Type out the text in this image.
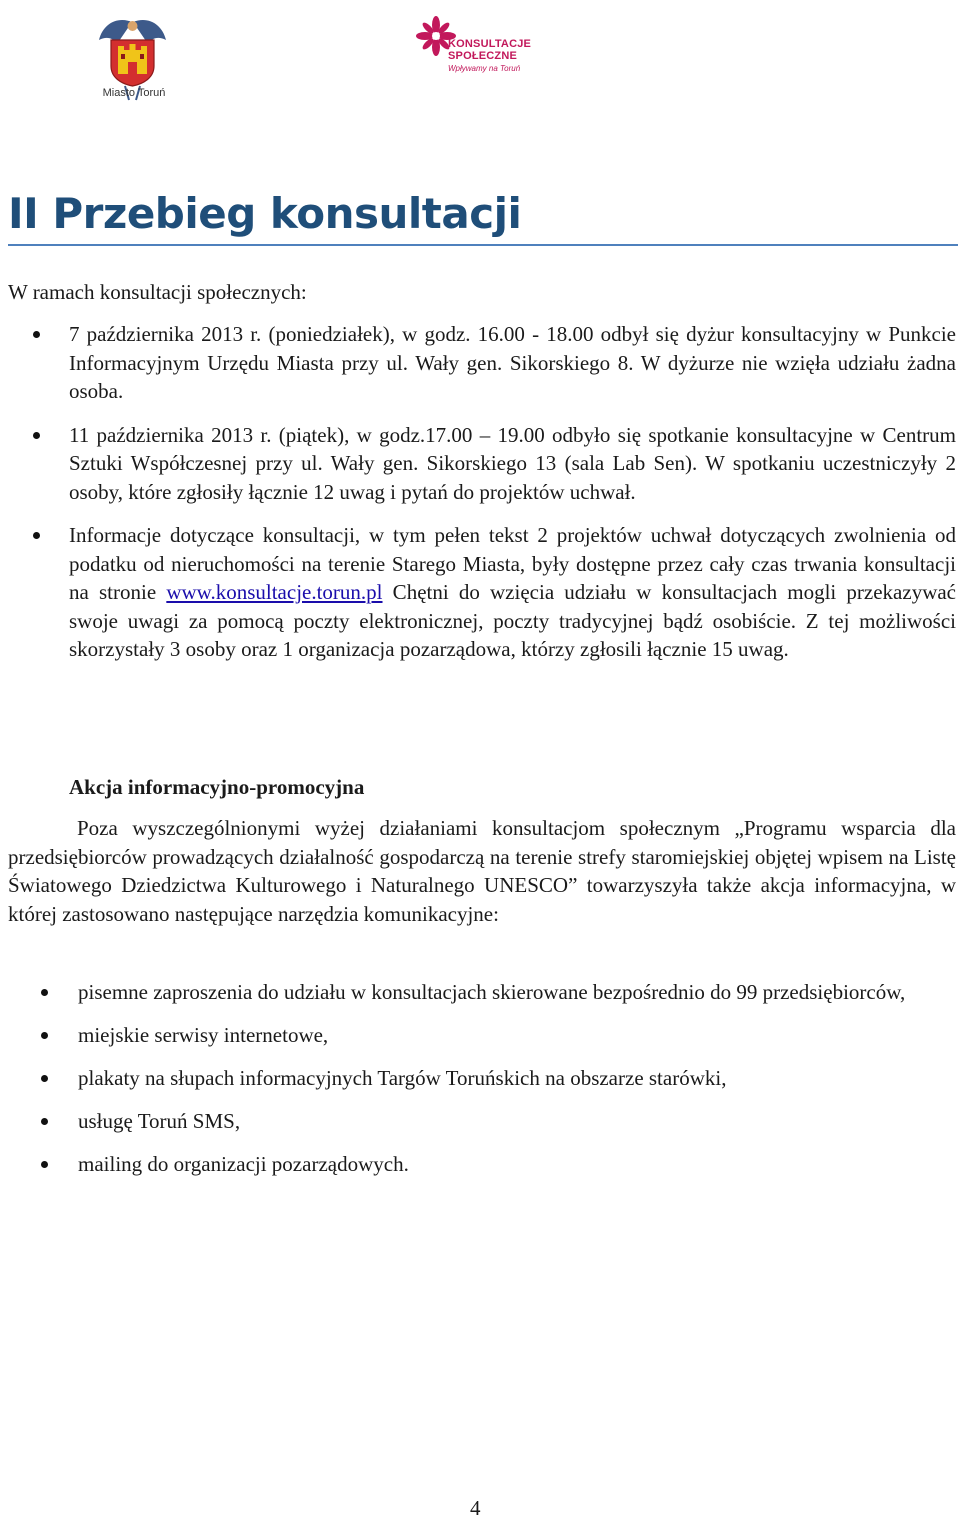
Miasto Toruń
KONSULTACJE
SPOŁECZNE
Wpływamy na Toruń
II Przebieg konsultacji

W ramach konsultacji społecznych:

7 października 2013 r. (poniedziałek), w godz. 16.00 - 18.00 odbył się dyżur konsultacyjny w Punkcie Informacyjnym Urzędu Miasta przy ul. Wały gen. Sikorskiego 8. W dyżurze nie wzięła udziału żadna osoba.
11 października 2013 r. (piątek), w godz.17.00 – 19.00 odbyło się spotkanie konsultacyjne w Centrum Sztuki Współczesnej przy ul. Wały gen. Sikorskiego 13 (sala Lab Sen). W spotkaniu uczestniczyły 2 osoby, które zgłosiły łącznie 12 uwag i pytań do projektów uchwał.
Informacje dotyczące konsultacji, w tym pełen tekst 2 projektów uchwał dotyczących zwolnienia od podatku od nieruchomości na terenie Starego Miasta, były dostępne przez cały czas trwania konsultacji na stronie www.konsultacje.torun.pl Chętni do wzięcia udziału w konsultacjach mogli przekazywać swoje uwagi za pomocą poczty elektronicznej, poczty tradycyjnej bądź osobiście. Z tej możliwości skorzystały 3 osoby oraz 1 organizacja pozarządowa, którzy zgłosili łącznie 15 uwag.
Akcja informacyjno-promocyjna

Poza wyszczególnionymi wyżej działaniami konsultacjom społecznym „Programu wsparcia dla przedsiębiorców prowadzących działalność gospodarczą na terenie strefy staromiejskiej objętej wpisem na Listę Światowego Dziedzictwa Kulturowego i Naturalnego UNESCO” towarzyszyła także akcja informacyjna, w której zastosowano następujące narzędzia komunikacyjne:

pisemne zaproszenia do udziału w konsultacjach skierowane bezpośrednio do 99 przedsiębiorców,
miejskie serwisy internetowe,
plakaty na słupach informacyjnych Targów Toruńskich na obszarze starówki,
usługę Toruń SMS,
mailing do organizacji pozarządowych.
4
